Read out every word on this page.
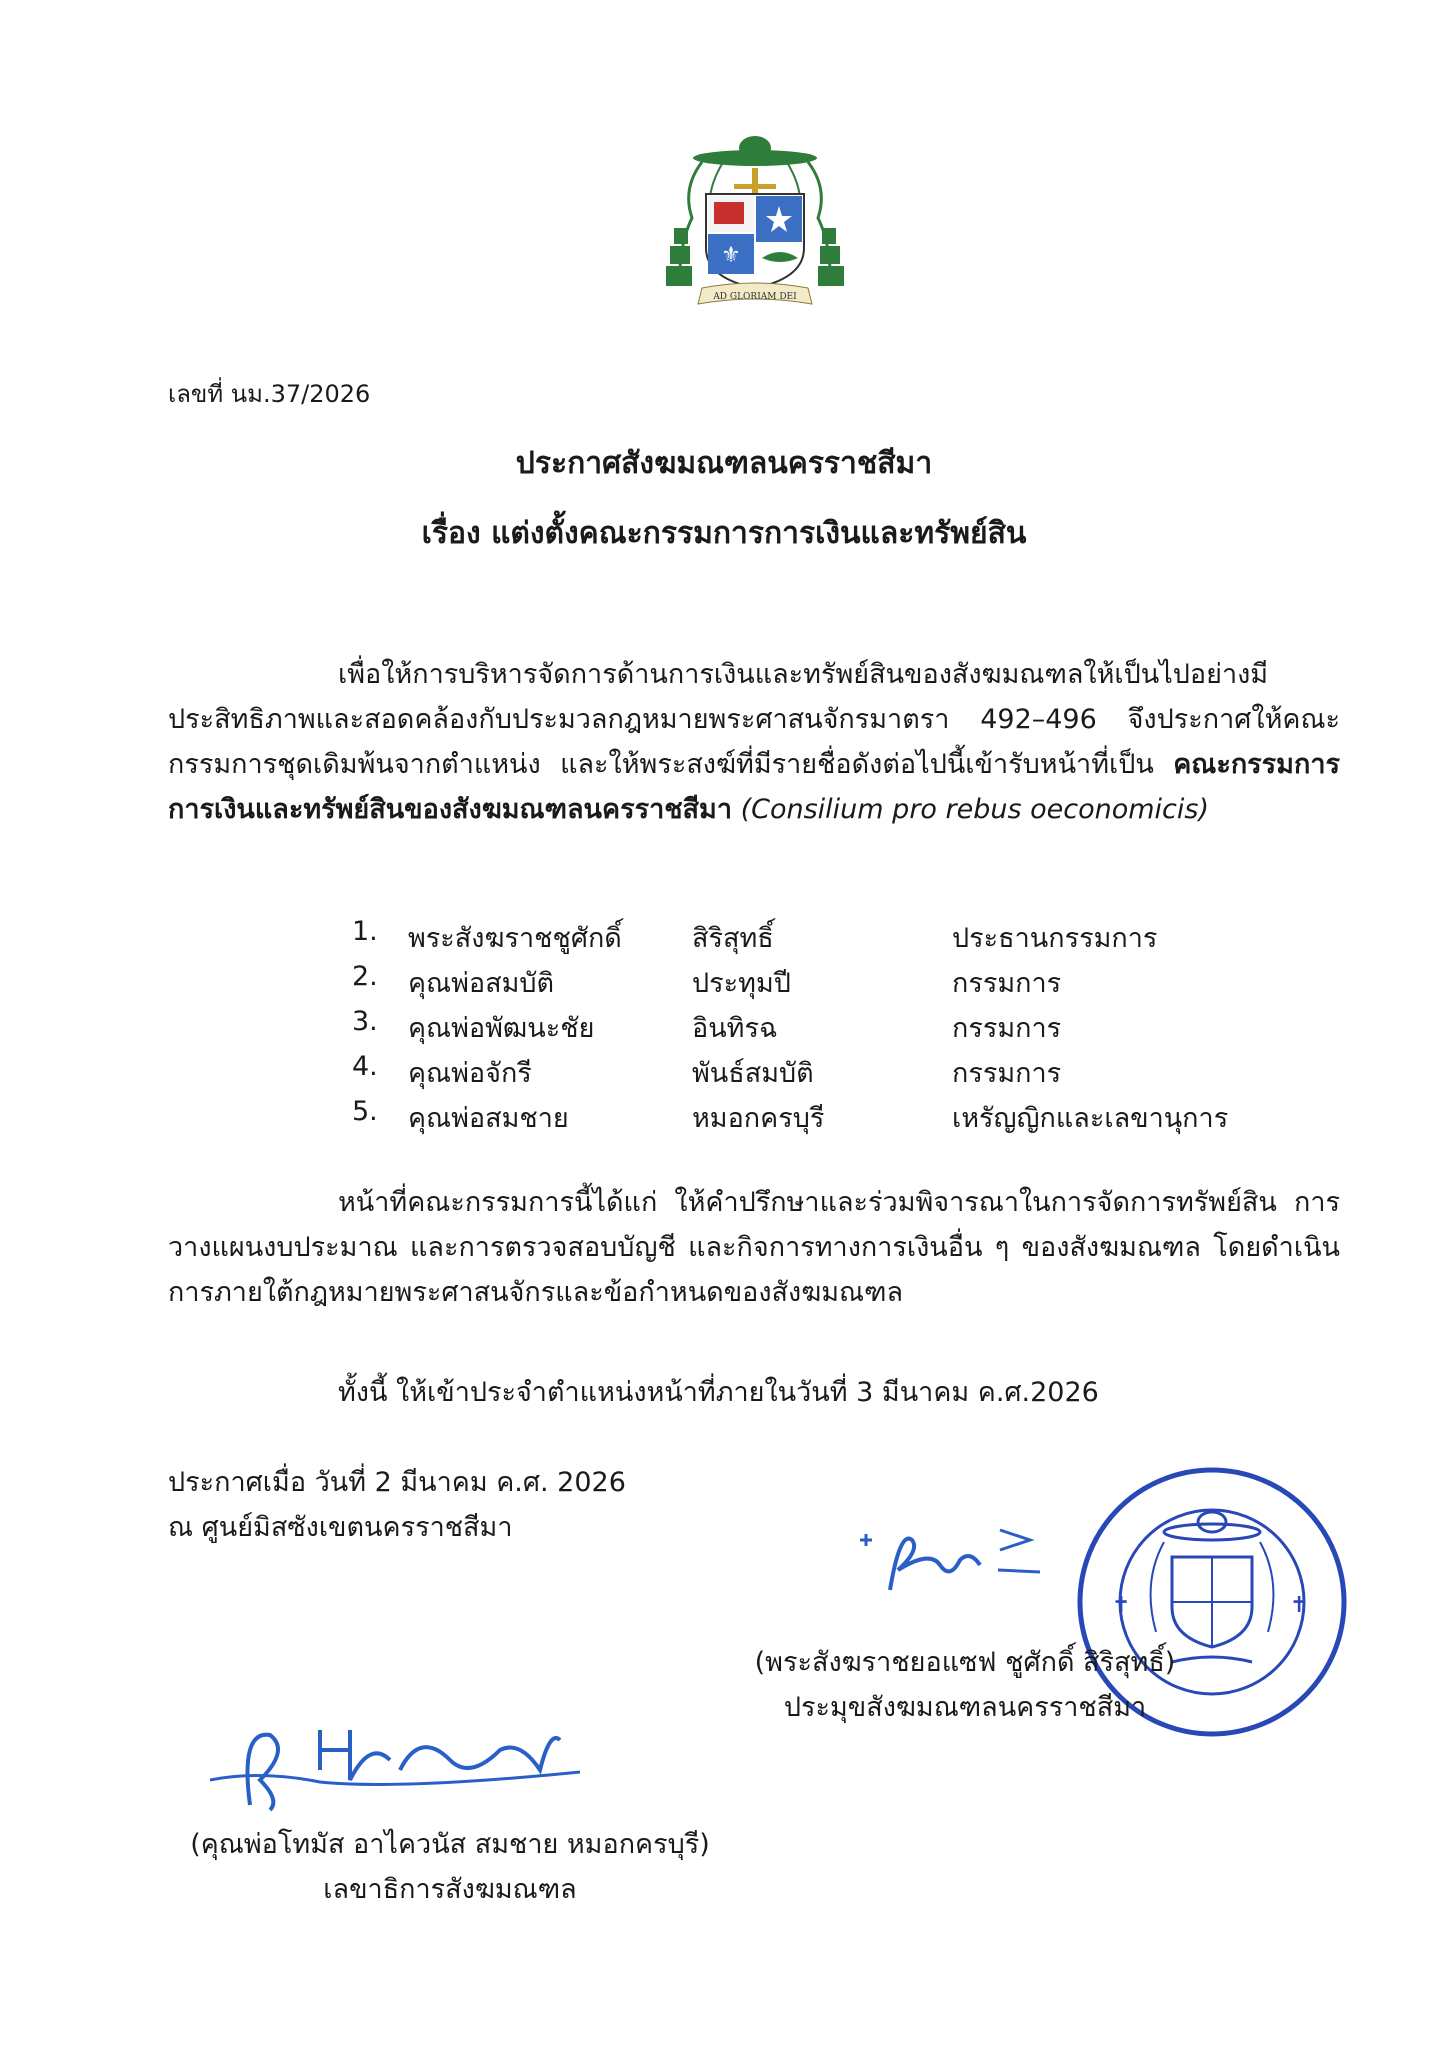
⚜
AD GLORIAM DEI
เลขที่ นม.37/2026
ประกาศสังฆมณฑลนครราชสีมา
เรื่อง แต่งตั้งคณะกรรมการการเงินและทรัพย์สิน
เพื่อให้การบริหารจัดการด้านการเงินและทรัพย์สินของสังฆมณฑลให้เป็นไปอย่างมีประสิทธิภาพและสอดคล้องกับประมวลกฎหมายพระศาสนจักรมาตรา 492–496 จึงประกาศให้คณะกรรมการชุดเดิมพ้นจากตำแหน่ง และให้พระสงฆ์ที่มีรายชื่อดังต่อไปนี้เข้ารับหน้าที่เป็น คณะกรรมการการเงินและทรัพย์สินของสังฆมณฑลนครราชสีมา (Consilium pro rebus oeconomicis)
1. พระสังฆราชชูศักดิ์	สิริสุทธิ์	ประธานกรรมการ
2. คุณพ่อสมบัติ	ประทุมปี	กรรมการ
3. คุณพ่อพัฒนะชัย	อินทิรฉ	กรรมการ
4. คุณพ่อจักรี	พันธ์สมบัติ	กรรมการ
5. คุณพ่อสมชาย	หมอกครบุรี	เหรัญญิกและเลขานุการ
หน้าที่คณะกรรมการนี้ได้แก่ ให้คำปรึกษาและร่วมพิจารณาในการจัดการทรัพย์สิน การวางแผนงบประมาณ และการตรวจสอบบัญชี และกิจการทางการเงินอื่น ๆ ของสังฆมณฑล โดยดำเนินการภายใต้กฎหมายพระศาสนจักรและข้อกำหนดของสังฆมณฑล
ทั้งนี้ ให้เข้าประจำตำแหน่งหน้าที่ภายในวันที่ 3 มีนาคม ค.ศ.2026
ประกาศเมื่อ วันที่ 2 มีนาคม ค.ศ. 2026
ณ ศูนย์มิสซังเขตนครราชสีมา
✝	✝
(พระสังฆราชยอแซฟ ชูศักดิ์ สิริสุทธิ์)
ประมุขสังฆมณฑลนครราชสีมา
(คุณพ่อโทมัส อาไควนัส สมชาย หมอกครบุรี)
เลขาธิการสังฆมณฑล
